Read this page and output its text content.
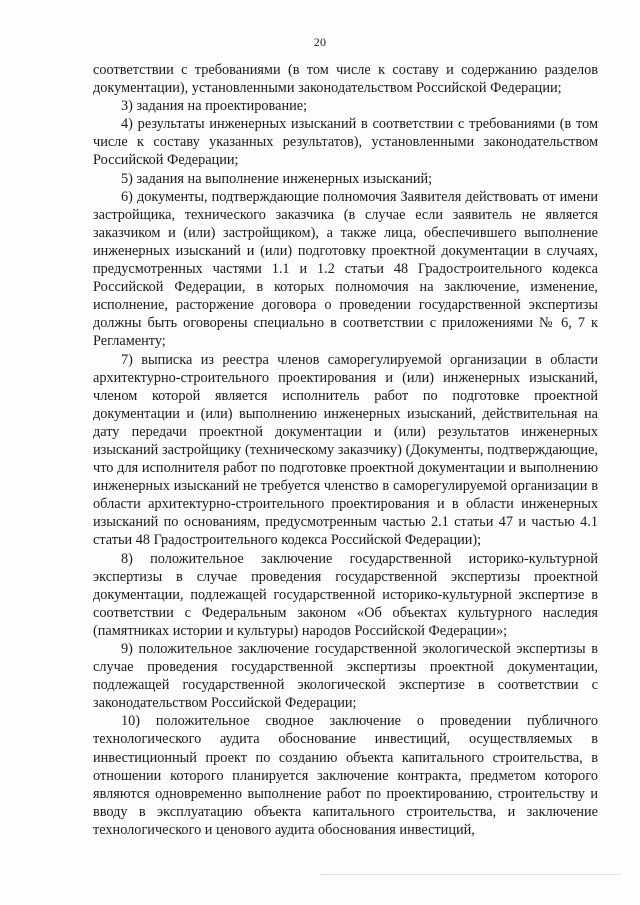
20

соответствии с требованиями (в том числе к составу и содержанию разделов документации), установленными законодательством Российской Федерации;

3) задания на проектирование;

4) результаты инженерных изысканий в соответствии с требованиями (в том числе к составу указанных результатов), установленными законодательством Российской Федерации;

5) задания на выполнение инженерных изысканий;

6) документы, подтверждающие полномочия Заявителя действовать от имени застройщика, технического заказчика (в случае если заявитель не является заказчиком и (или) застройщиком), а также лица, обеспечившего выполнение инженерных изысканий и (или) подготовку проектной документации в случаях, предусмотренных частями 1.1 и 1.2 статьи 48 Градостроительного кодекса Российской Федерации, в которых полномочия на заключение, изменение, исполнение, расторжение договора о проведении государственной экспертизы должны быть оговорены специально в соответствии с приложениями № 6, 7 к Регламенту;

7) выписка из реестра членов саморегулируемой организации в области архитектурно-строительного проектирования и (или) инженерных изысканий, членом которой является исполнитель работ по подготовке проектной документации и (или) выполнению инженерных изысканий, действительная на дату передачи проектной документации и (или) результатов инженерных изысканий застройщику (техническому заказчику) (Документы, подтверждающие, что для исполнителя работ по подготовке проектной документации и выполнению инженерных изысканий не требуется членство в саморегулируемой организации в области архитектурно-строительного проектирования и в области инженерных изысканий по основаниям, предусмотренным частью 2.1 статьи 47 и частью 4.1 статьи 48 Градостроительного кодекса Российской Федерации);

8) положительное заключение государственной историко-культурной экспертизы в случае проведения государственной экспертизы проектной документации, подлежащей государственной историко-культурной экспертизе в соответствии с Федеральным законом «Об объектах культурного наследия (памятниках истории и культуры) народов Российской Федерации»;

9) положительное заключение государственной экологической экспертизы в случае проведения государственной экспертизы проектной документации, подлежащей государственной экологической экспертизе в соответствии с законодательством Российской Федерации;

10) положительное сводное заключение о проведении публичного технологического аудита обоснование инвестиций, осуществляемых в инвестиционный проект по созданию объекта капитального строительства, в отношении которого планируется заключение контракта, предметом которого являются одновременно выполнение работ по проектированию, строительству и вводу в эксплуатацию объекта капитального строительства, и заключение технологического и ценового аудита обоснования инвестиций,
